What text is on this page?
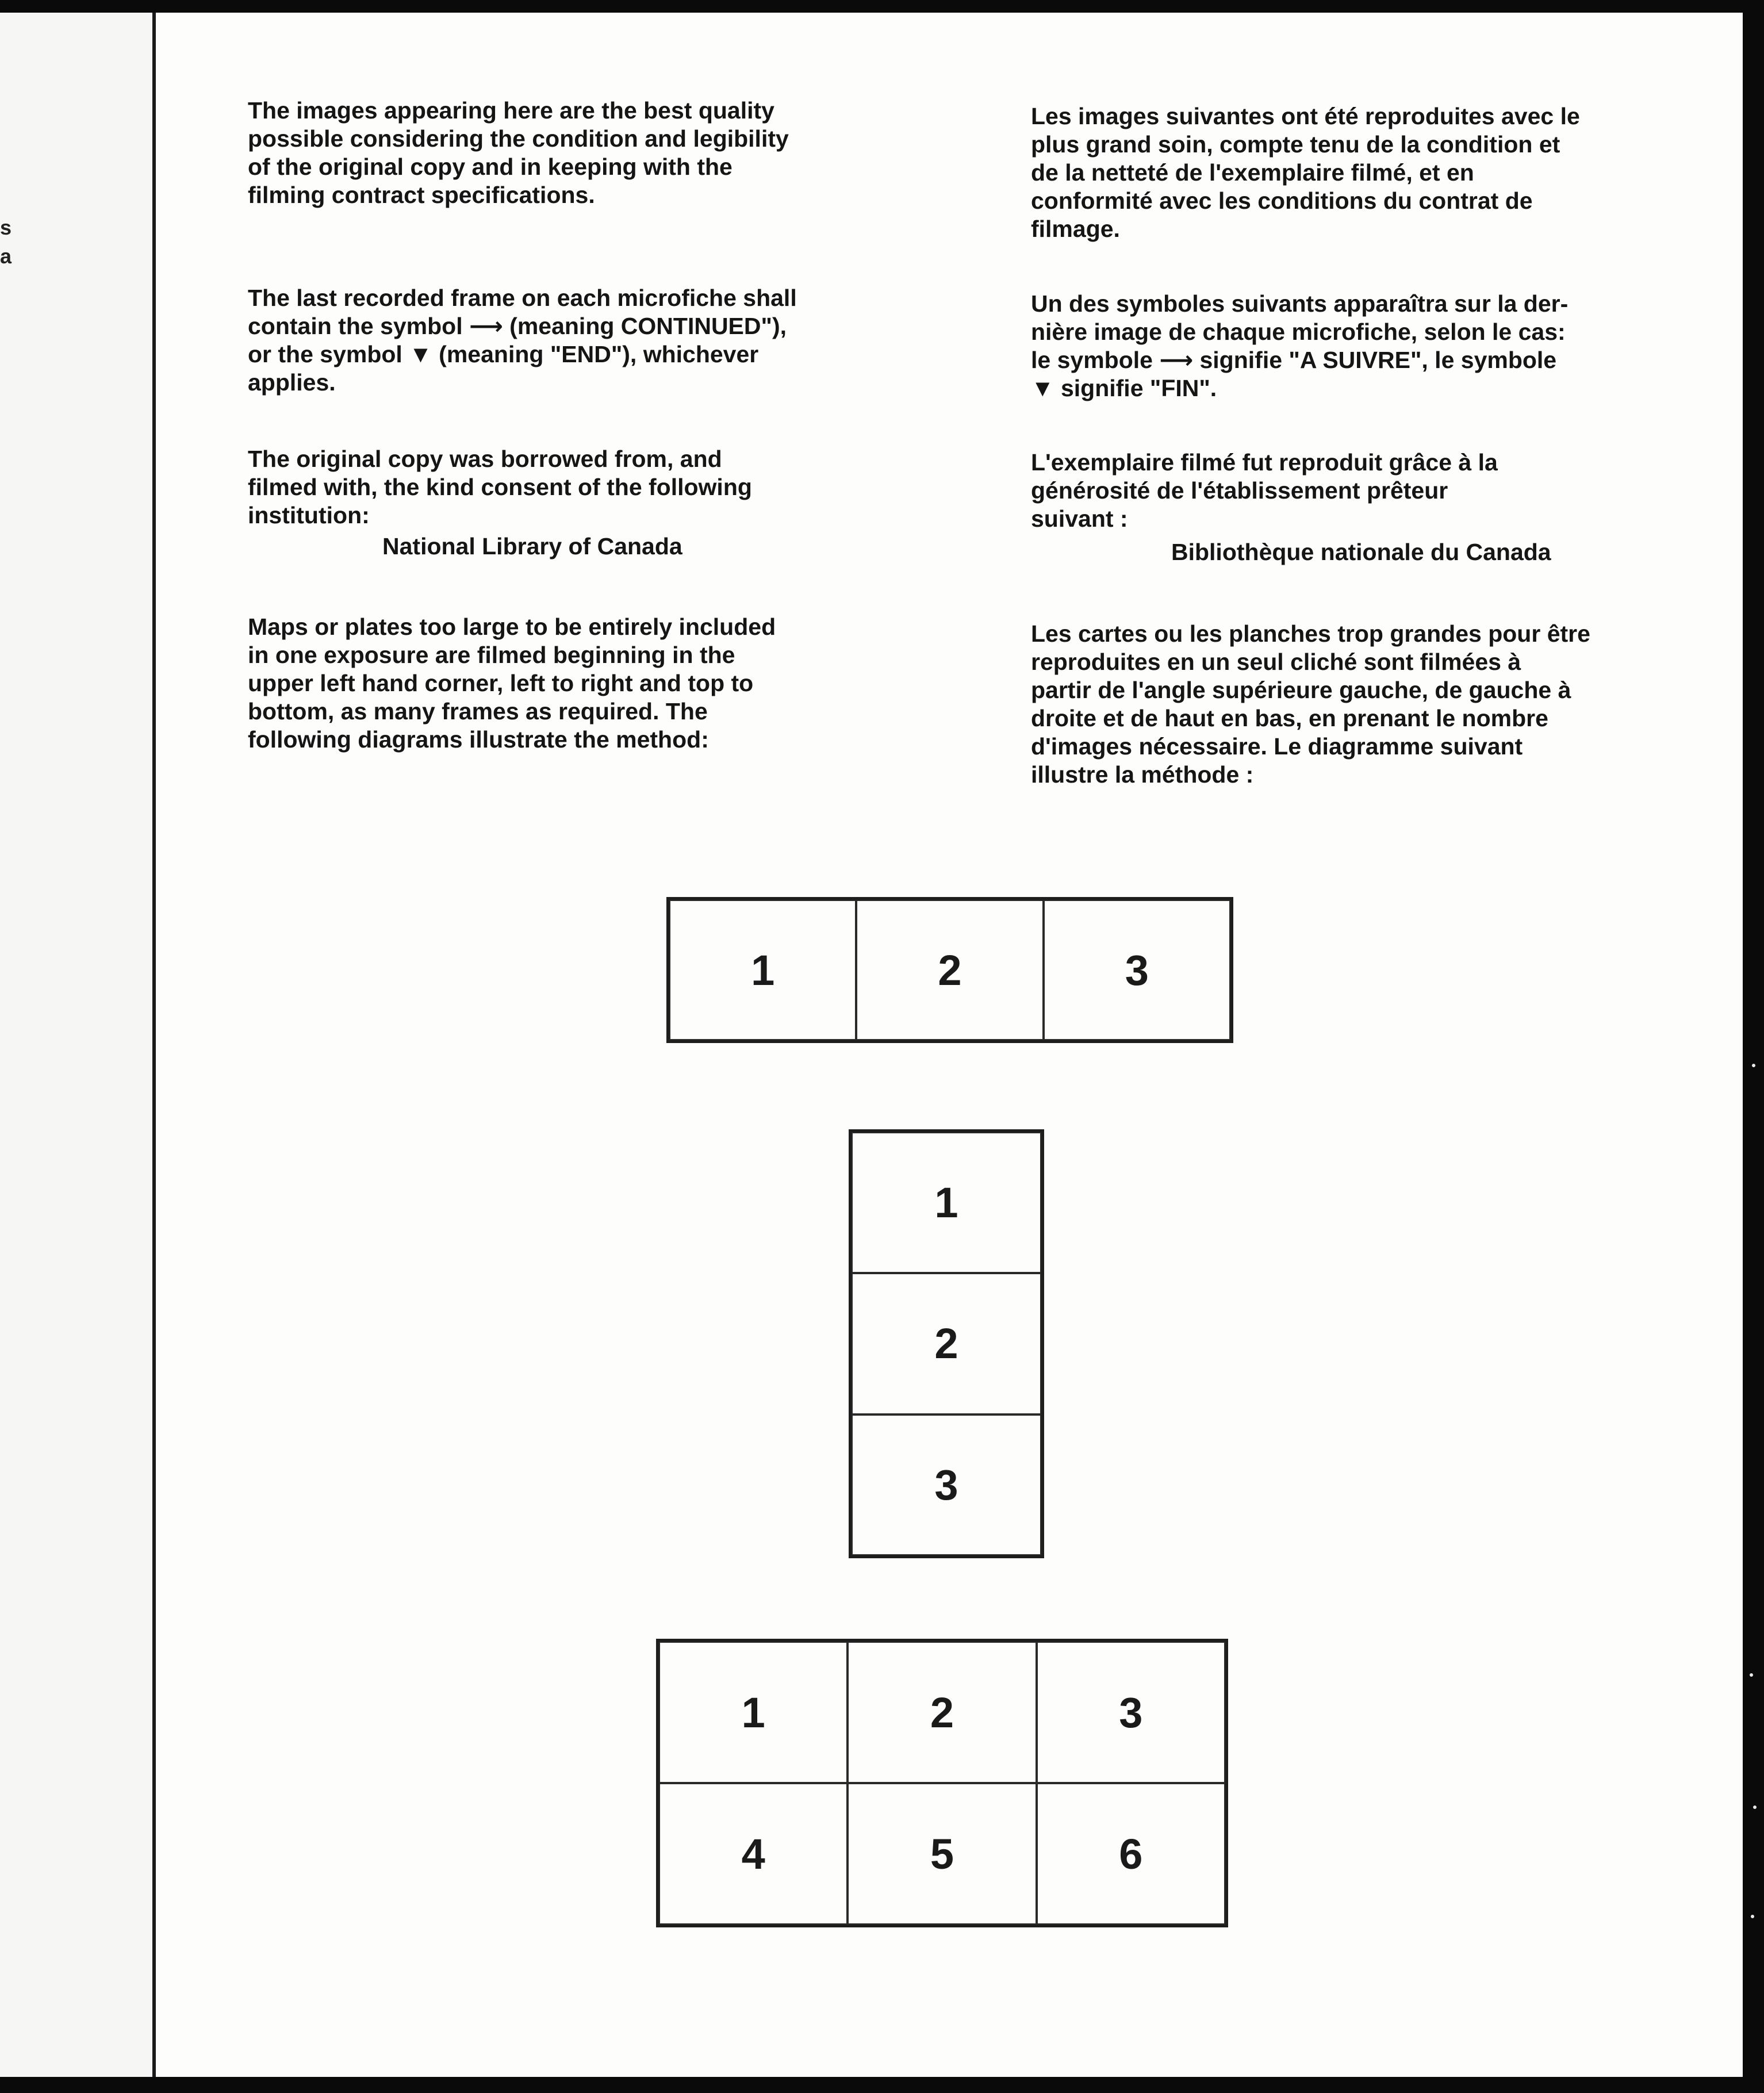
s
a
The images appearing here are the best quality
possible considering the condition and legibility
of the original copy and in keeping with the
filming contract specifications.
The last recorded frame on each microfiche shall
contain the symbol ⟶ (meaning CONTINUED"),
or the symbol ▼ (meaning "END"), whichever
applies.
The original copy was borrowed from, and
filmed with, the kind consent of the following
institution:
National Library of Canada
Maps or plates too large to be entirely included
in one exposure are filmed beginning in the
upper left hand corner, left to right and top to
bottom, as many frames as required. The
following diagrams illustrate the method:
Les images suivantes ont été reproduites avec le
plus grand soin, compte tenu de la condition et
de la netteté de l'exemplaire filmé, et en
conformité avec les conditions du contrat de
filmage.
Un des symboles suivants apparaîtra sur la der-
nière image de chaque microfiche, selon le cas:
le symbole ⟶ signifie "A SUIVRE", le symbole
▼ signifie "FIN".
L'exemplaire filmé fut reproduit grâce à la
générosité de l'établissement prêteur
suivant :
Bibliothèque nationale du Canada
Les cartes ou les planches trop grandes pour être
reproduites en un seul cliché sont filmées à
partir de l'angle supérieure gauche, de gauche à
droite et de haut en bas, en prenant le nombre
d'images nécessaire. Le diagramme suivant
illustre la méthode :
1	2	3
1
2
3
1	2	3
4	5	6
